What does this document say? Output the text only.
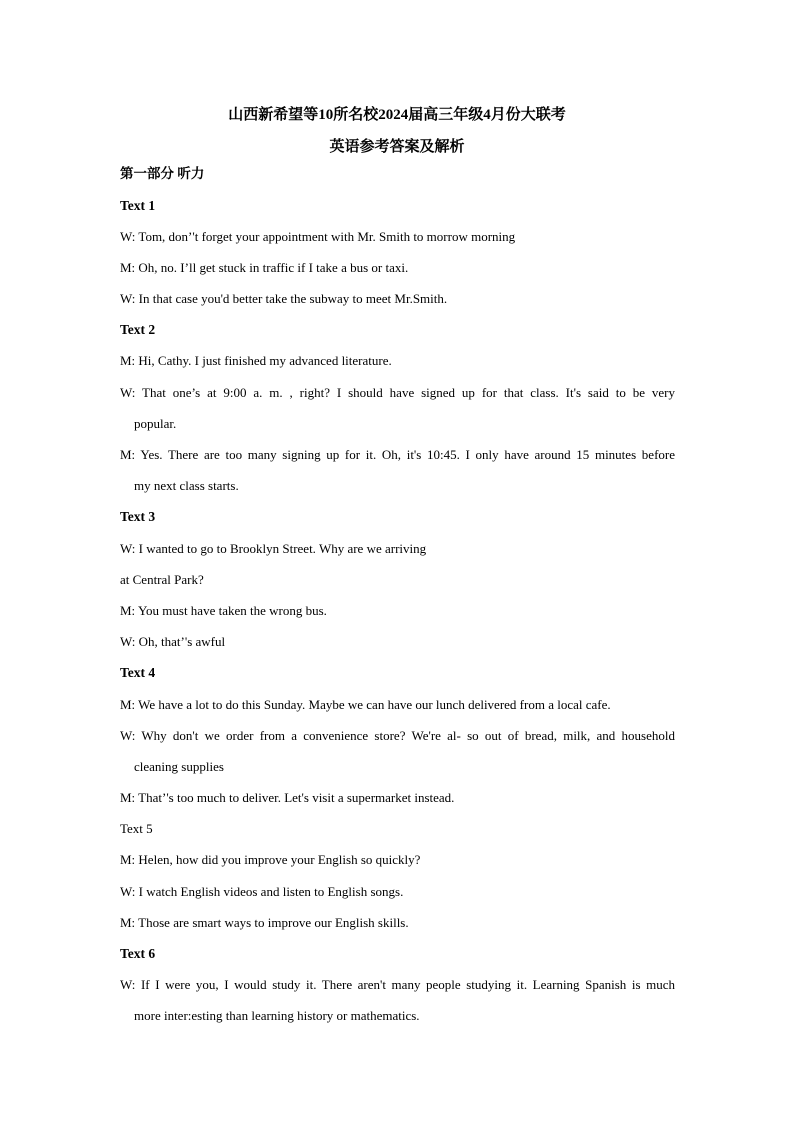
山西新希望等10所名校2024届高三年级4月份大联考
英语参考答案及解析
第一部分 听力
Text 1
W: Tom, don’'t forget your appointment with Mr. Smith to morrow morning
M: Oh, no. I’ll get stuck in traffic if I take a bus or taxi.
W: In that case you'd better take the subway to meet Mr.Smith.
Text 2
M: Hi, Cathy. I just finished my advanced literature.
W: That one’s at 9:00 a. m. , right? I should have signed up for that class. It's said to be very
popular.
M: Yes. There are too many signing up for it. Oh, it's 10:45. I only have around 15 minutes before
my next class starts.
Text 3
W: I wanted to go to Brooklyn Street. Why are we arriving
at Central Park?
M: You must have taken the wrong bus.
W: Oh, that’'s awful
Text 4
M: We have a lot to do this Sunday. Maybe we can have our lunch delivered from a local cafe.
W: Why don't we order from a convenience store? We're al- so out of bread, milk, and household
cleaning supplies
M: That’'s too much to deliver. Let's visit a supermarket instead.
Text 5
M: Helen, how did you improve your English so quickly?
W: I watch English videos and listen to English songs.
M: Those are smart ways to improve our English skills.
Text 6
W: If I were you, I would study it. There aren't many people studying it. Learning Spanish is much
more inter:esting than learning history or mathematics.
